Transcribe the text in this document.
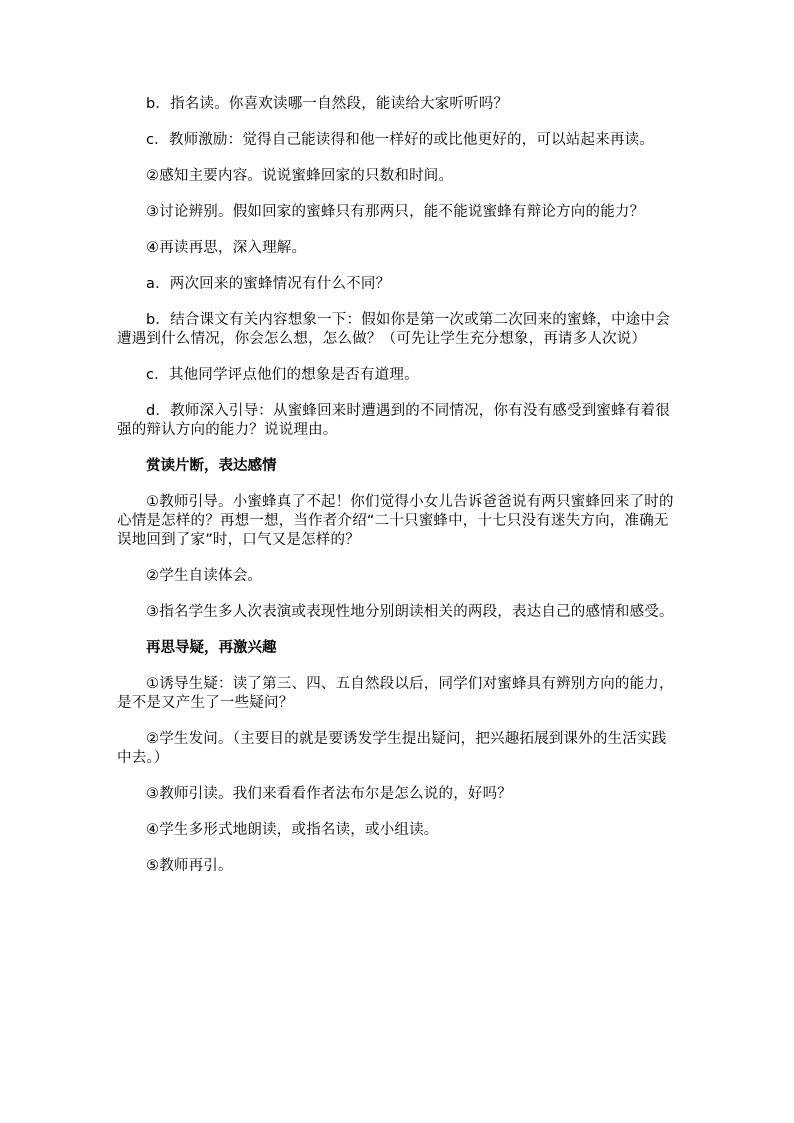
b．指名读。你喜欢读哪一自然段，能读给大家听听吗？

c．教师激励：觉得自己能读得和他一样好的或比他更好的，可以站起来再读。

②感知主要内容。说说蜜蜂回家的只数和时间。

③讨论辨别。假如回家的蜜蜂只有那两只，能不能说蜜蜂有辩论方向的能力？

④再读再思，深入理解。

a．两次回来的蜜蜂情况有什么不同？

b．结合课文有关内容想象一下：假如你是第一次或第二次回来的蜜蜂，中途中会遭遇到什么情况，你会怎么想，怎么做？（可先让学生充分想象，再请多人次说）

c．其他同学评点他们的想象是否有道理。

d．教师深入引导：从蜜蜂回来时遭遇到的不同情况，你有没有感受到蜜蜂有着很强的辩认方向的能力？说说理由。

赏读片断，表达感情

①教师引导。小蜜蜂真了不起！你们觉得小女儿告诉爸爸说有两只蜜蜂回来了时的心情是怎样的？再想一想，当作者介绍“二十只蜜蜂中，十七只没有迷失方向，准确无误地回到了家”时，口气又是怎样的？

②学生自读体会。

③指名学生多人次表演或表现性地分别朗读相关的两段，表达自己的感情和感受。

再思导疑，再激兴趣

①诱导生疑：读了第三、四、五自然段以后，同学们对蜜蜂具有辨别方向的能力，是不是又产生了一些疑问？

②学生发问。（主要目的就是要诱发学生提出疑问，把兴趣拓展到课外的生活实践中去。）

③教师引读。我们来看看作者法布尔是怎么说的，好吗？

④学生多形式地朗读，或指名读，或小组读。

⑤教师再引。
